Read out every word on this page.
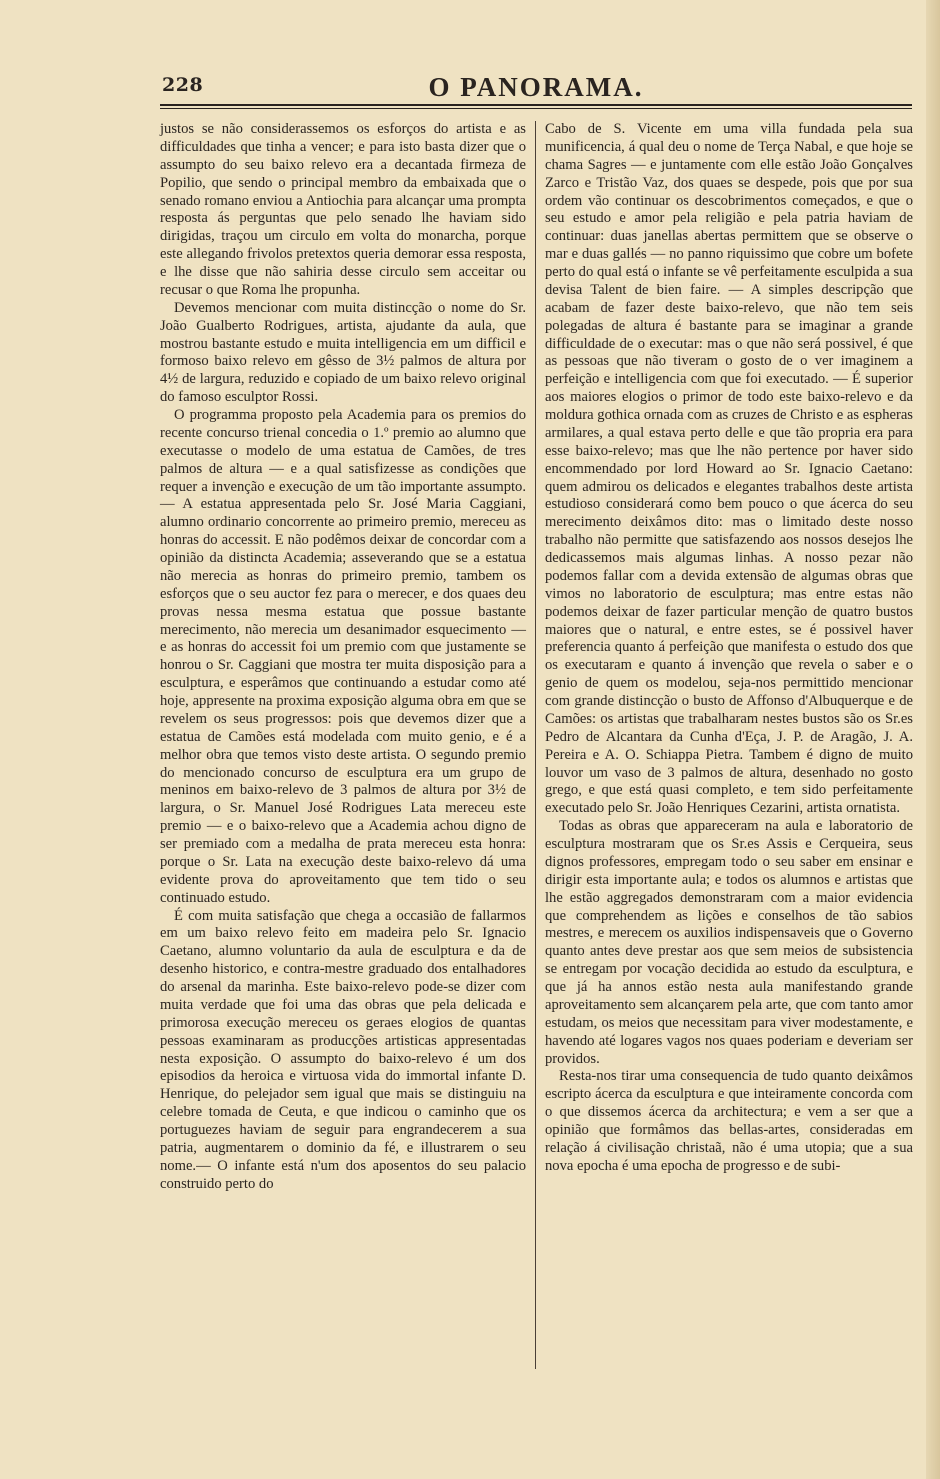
228	O PANORAMA.

justos se não considerassemos os esforços do artista e as difficuldades que tinha a vencer; e para isto basta dizer que o assumpto do seu baixo relevo era a decantada firmeza de Popilio, que sendo o principal membro da embaixada que o senado romano enviou a Antiochia para alcançar uma prompta resposta ás perguntas que pelo senado lhe haviam sido dirigidas, traçou um circulo em volta do monarcha, porque este allegando frivolos pretextos queria demorar essa resposta, e lhe disse que não sahiria desse circulo sem acceitar ou recusar o que Roma lhe propunha.

Devemos mencionar com muita distincção o nome do Sr. João Gualberto Rodrigues, artista, ajudante da aula, que mostrou bastante estudo e muita intelligencia em um difficil e formoso baixo relevo em gêsso de 3½ palmos de altura por 4½ de largura, reduzido e copiado de um baixo relevo original do famoso esculptor Rossi.

O programma proposto pela Academia para os premios do recente concurso trienal concedia o 1.º premio ao alumno que executasse o modelo de uma estatua de Camões, de tres palmos de altura — e a qual satisfizesse as condições que requer a invenção e execução de um tão importante assumpto. — A estatua appresentada pelo Sr. José Maria Caggiani, alumno ordinario concorrente ao primeiro premio, mereceu as honras do accessit. E não podêmos deixar de concordar com a opinião da distincta Academia; asseverando que se a estatua não merecia as honras do primeiro premio, tambem os esforços que o seu auctor fez para o merecer, e dos quaes deu provas nessa mesma estatua que possue bastante merecimento, não merecia um desanimador esquecimento — e as honras do accessit foi um premio com que justamente se honrou o Sr. Caggiani que mostra ter muita disposição para a esculptura, e esperâmos que continuando a estudar como até hoje, appresente na proxima exposição alguma obra em que se revelem os seus progressos: pois que devemos dizer que a estatua de Camões está modelada com muito genio, e é a melhor obra que temos visto deste artista. O segundo premio do mencionado concurso de esculptura era um grupo de meninos em baixo-relevo de 3 palmos de altura por 3½ de largura, o Sr. Manuel José Rodrigues Lata mereceu este premio — e o baixo-relevo que a Academia achou digno de ser premiado com a medalha de prata mereceu esta honra: porque o Sr. Lata na execução deste baixo-relevo dá uma evidente prova do aproveitamento que tem tido o seu continuado estudo.

É com muita satisfação que chega a occasião de fallarmos em um baixo relevo feito em madeira pelo Sr. Ignacio Caetano, alumno voluntario da aula de esculptura e da de desenho historico, e contra-mestre graduado dos entalhadores do arsenal da marinha. Este baixo-relevo pode-se dizer com muita verdade que foi uma das obras que pela delicada e primorosa execução mereceu os geraes elogios de quantas pessoas examinaram as producções artisticas appresentadas nesta exposição. O assumpto do baixo-relevo é um dos episodios da heroica e virtuosa vida do immortal infante D. Henrique, do pelejador sem igual que mais se distinguiu na celebre tomada de Ceuta, e que indicou o caminho que os portuguezes haviam de seguir para engrandecerem a sua patria, augmentarem o dominio da fé, e illustrarem o seu nome.— O infante está n'um dos aposentos do seu palacio construido perto do

Cabo de S. Vicente em uma villa fundada pela sua munificencia, á qual deu o nome de Terça Nabal, e que hoje se chama Sagres — e juntamente com elle estão João Gonçalves Zarco e Tristão Vaz, dos quaes se despede, pois que por sua ordem vão continuar os descobrimentos começados, e que o seu estudo e amor pela religião e pela patria haviam de continuar: duas janellas abertas permittem que se observe o mar e duas gallés — no panno riquissimo que cobre um bofete perto do qual está o infante se vê perfeitamente esculpida a sua devisa Talent de bien faire. — A simples descripção que acabam de fazer deste baixo-relevo, que não tem seis polegadas de altura é bastante para se imaginar a grande difficuldade de o executar: mas o que não será possivel, é que as pessoas que não tiveram o gosto de o ver imaginem a perfeição e intelligencia com que foi executado. — É superior aos maiores elogios o primor de todo este baixo-relevo e da moldura gothica ornada com as cruzes de Christo e as espheras armilares, a qual estava perto delle e que tão propria era para esse baixo-relevo; mas que lhe não pertence por haver sido encommendado por lord Howard ao Sr. Ignacio Caetano: quem admirou os delicados e elegantes trabalhos deste artista estudioso considerará como bem pouco o que ácerca do seu merecimento deixâmos dito: mas o limitado deste nosso trabalho não permitte que satisfazendo aos nossos desejos lhe dedicassemos mais algumas linhas. A nosso pezar não podemos fallar com a devida extensão de algumas obras que vimos no laboratorio de esculptura; mas entre estas não podemos deixar de fazer particular menção de quatro bustos maiores que o natural, e entre estes, se é possivel haver preferencia quanto á perfeição que manifesta o estudo dos que os executaram e quanto á invenção que revela o saber e o genio de quem os modelou, seja-nos permittido mencionar com grande distincção o busto de Affonso d'Albuquerque e de Camões: os artistas que trabalharam nestes bustos são os Sr.es Pedro de Alcantara da Cunha d'Eça, J. P. de Aragão, J. A. Pereira e A. O. Schiappa Pietra. Tambem é digno de muito louvor um vaso de 3 palmos de altura, desenhado no gosto grego, e que está quasi completo, e tem sido perfeitamente executado pelo Sr. João Henriques Cezarini, artista ornatista.

Todas as obras que appareceram na aula e laboratorio de esculptura mostraram que os Sr.es Assis e Cerqueira, seus dignos professores, empregam todo o seu saber em ensinar e dirigir esta importante aula; e todos os alumnos e artistas que lhe estão aggregados demonstraram com a maior evidencia que comprehendem as lições e conselhos de tão sabios mestres, e merecem os auxilios indispensaveis que o Governo quanto antes deve prestar aos que sem meios de subsistencia se entregam por vocação decidida ao estudo da esculptura, e que já ha annos estão nesta aula manifestando grande aproveitamento sem alcançarem pela arte, que com tanto amor estudam, os meios que necessitam para viver modestamente, e havendo até logares vagos nos quaes poderiam e deveriam ser providos.

Resta-nos tirar uma consequencia de tudo quanto deixâmos escripto ácerca da esculptura e que inteiramente concorda com o que dissemos ácerca da architectura; e vem a ser que a opinião que formâmos das bellas-artes, consideradas em relação á civilisação christaã, não é uma utopia; que a sua nova epocha é uma epocha de progresso e de subi-
